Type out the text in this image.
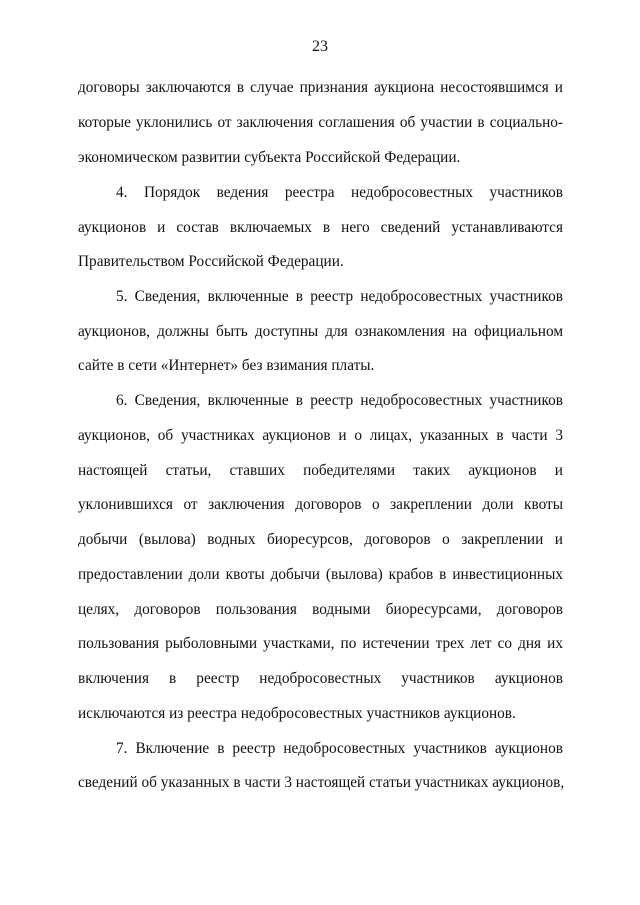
23
договоры заключаются в случае признания аукциона несостоявшимся и
которые уклонились от заключения соглашения об участии в социально-
экономическом развитии субъекта Российской Федерации.
4. Порядок ведения реестра недобросовестных участников
аукционов и состав включаемых в него сведений устанавливаются
Правительством Российской Федерации.
5. Сведения, включенные в реестр недобросовестных участников
аукционов, должны быть доступны для ознакомления на официальном
сайте в сети «Интернет» без взимания платы.
6. Сведения, включенные в реестр недобросовестных участников
аукционов, об участниках аукционов и о лицах, указанных в части 3
настоящей статьи, ставших победителями таких аукционов и
уклонившихся от заключения договоров о закреплении доли квоты
добычи (вылова) водных биоресурсов, договоров о закреплении и
предоставлении доли квоты добычи (вылова) крабов в инвестиционных
целях, договоров пользования водными биоресурсами, договоров
пользования рыболовными участками, по истечении трех лет со дня их
включения в реестр недобросовестных участников аукционов
исключаются из реестра недобросовестных участников аукционов.
7. Включение в реестр недобросовестных участников аукционов
сведений об указанных в части 3 настоящей статьи участниках аукционов,
